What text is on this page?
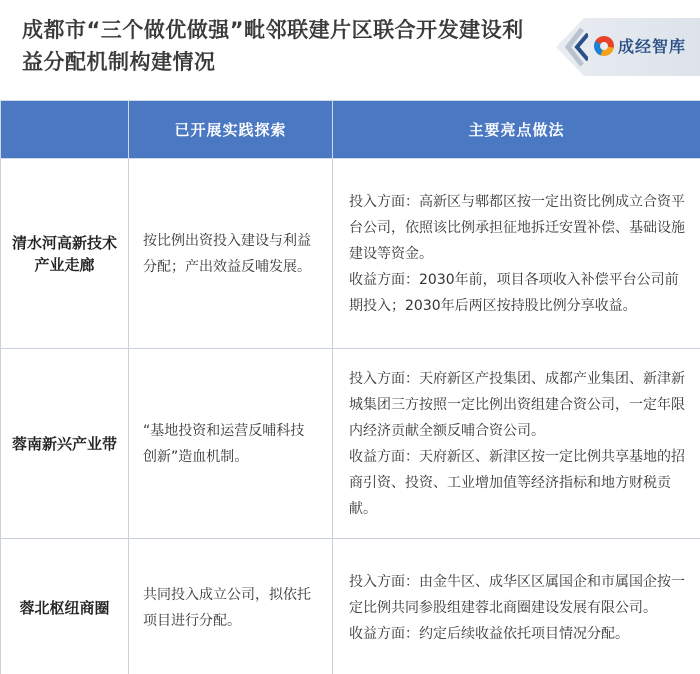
成都市“三个做优做强”毗邻联建片区联合开发建设利益分配机制构建情况
成经智库
	已开展实践探索	主要亮点做法
清水河高新技术产业走廊	按比例出资投入建设与利益分配；产出效益反哺发展。	投入方面：高新区与郫都区按一定出资比例成立合资平台公司，依照该比例承担征地拆迁安置补偿、基础设施建设等资金。
收益方面：2030年前，项目各项收入补偿平台公司前期投入；2030年后两区按持股比例分享收益。

蓉南新兴产业带	“基地投资和运营反哺科技创新”造血机制。	投入方面：天府新区产投集团、成都产业集团、新津新城集团三方按照一定比例出资组建合资公司，一定年限内经济贡献全额反哺合资公司。
收益方面：天府新区、新津区按一定比例共享基地的招商引资、投资、工业增加值等经济指标和地方财税贡献。

蓉北枢纽商圈	共同投入成立公司，拟依托项目进行分配。	投入方面：由金牛区、成华区区属国企和市属国企按一定比例共同参股组建蓉北商圈建设发展有限公司。
收益方面：约定后续收益依托项目情况分配。
